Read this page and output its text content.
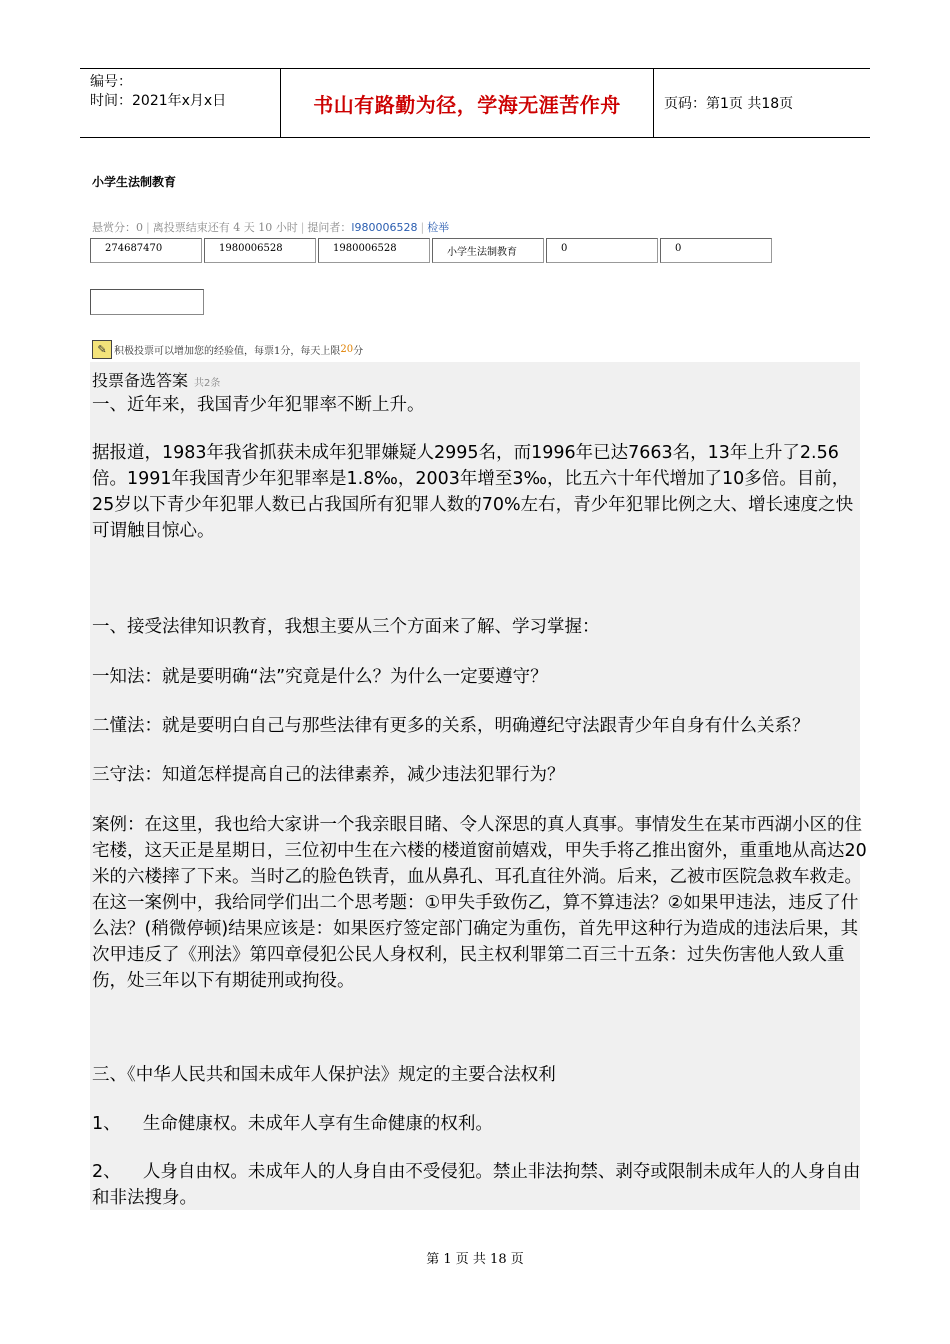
编号：
时间：2021年x月x日	书山有路勤为径，学海无涯苦作舟	页码：第1页 共18页
小学生法制教育
悬赏分：0 | 离投票结束还有 4 天 10 小时 | 提问者：l980006528 | 检举
274687470	1980006528	1980006528	小学生法制教育	0	0
✎ 积极投票可以增加您的经验值，每票1分，每天上限 20 分
投票备选答案 共2条
一、近年来，我国青少年犯罪率不断上升。
据报道，1983年我省抓获未成年犯罪嫌疑人2995名，而1996年已达7663名，13年上升了2.56倍。1991年我国青少年犯罪率是1.8‰，2003年增至3‰，比五六十年代增加了10多倍。目前，25岁以下青少年犯罪人数已占我国所有犯罪人数的70%左右，青少年犯罪比例之大、增长速度之快可谓触目惊心。
一、接受法律知识教育，我想主要从三个方面来了解、学习掌握：
一知法：就是要明确“法”究竟是什么？为什么一定要遵守？
二懂法：就是要明白自己与那些法律有更多的关系，明确遵纪守法跟青少年自身有什么关系？
三守法：知道怎样提高自己的法律素养，减少违法犯罪行为？
案例：在这里，我也给大家讲一个我亲眼目睹、令人深思的真人真事。事情发生在某市西湖小区的住宅楼，这天正是星期日，三位初中生在六楼的楼道窗前嬉戏，甲失手将乙推出窗外，重重地从高达20米的六楼摔了下来。当时乙的脸色铁青，血从鼻孔、耳孔直往外淌。后来，乙被市医院急救车救走。在这一案例中，我给同学们出二个思考题：①甲失手致伤乙，算不算违法？②如果甲违法，违反了什么法？(稍微停顿)结果应该是：如果医疗签定部门确定为重伤，首先甲这种行为造成的违法后果，其次甲违反了《刑法》第四章侵犯公民人身权利，民主权利罪第二百三十五条：过失伤害他人致人重伤，处三年以下有期徒刑或拘役。
三、《中华人民共和国未成年人保护法》规定的主要合法权利
1、    生命健康权。未成年人享有生命健康的权利。
2、    人身自由权。未成年人的人身自由不受侵犯。禁止非法拘禁、剥夺或限制未成年人的人身自由和非法搜身。
第 1 页 共 18 页
